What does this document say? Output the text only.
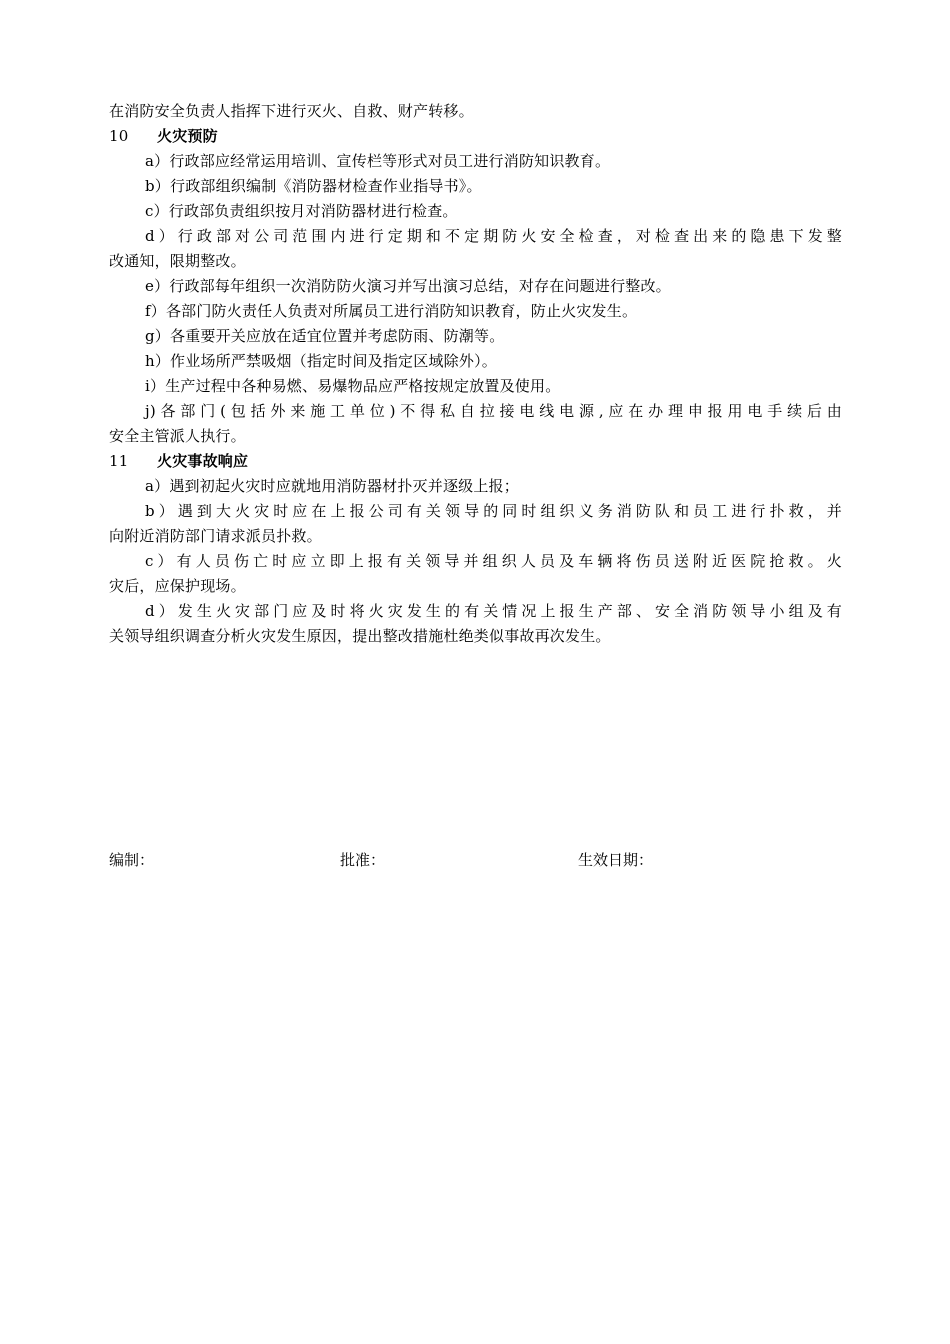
在消防安全负责人指挥下进行灭火、自救、财产转移。
10 火灾预防
a）行政部应经常运用培训、宣传栏等形式对员工进行消防知识教育。
b）行政部组织编制《消防器材检查作业指导书》。
c）行政部负责组织按月对消防器材进行检查。
d）行政部对公司范围内进行定期和不定期防火安全检查，对检查出来的隐患下发整
改通知，限期整改。
e）行政部每年组织一次消防防火演习并写出演习总结，对存在问题进行整改。
f）各部门防火责任人负责对所属员工进行消防知识教育，防止火灾发生。
g）各重要开关应放在适宜位置并考虑防雨、防潮等。
h）作业场所严禁吸烟（指定时间及指定区域除外）。
i）生产过程中各种易燃、易爆物品应严格按规定放置及使用。
j)各部门(包括外来施工单位)不得私自拉接电线电源,应在办理申报用电手续后由
安全主管派人执行。
11 火灾事故响应
a）遇到初起火灾时应就地用消防器材扑灭并逐级上报；
b）遇到大火灾时应在上报公司有关领导的同时组织义务消防队和员工进行扑救，并
向附近消防部门请求派员扑救。
c）有人员伤亡时应立即上报有关领导并组织人员及车辆将伤员送附近医院抢救。火
灾后，应保护现场。
d）发生火灾部门应及时将火灾发生的有关情况上报生产部、安全消防领导小组及有
关领导组织调查分析火灾发生原因，提出整改措施杜绝类似事故再次发生。
编制：	批准：	生效日期：
